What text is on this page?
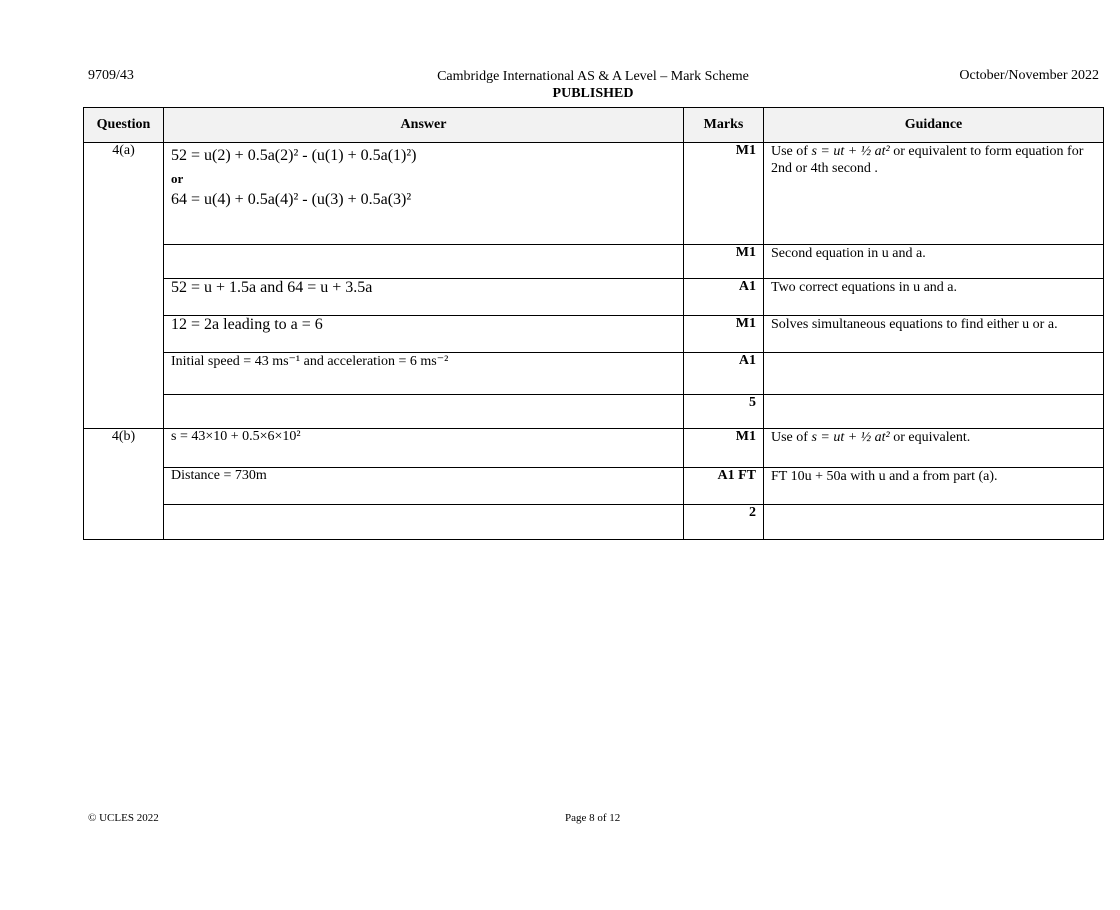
9709/43	Cambridge International AS & A Level – Mark Scheme
PUBLISHED
October/November 2022
Question	Answer	Marks	Guidance
4(a)	52 = u(2) + 0.5a(2)² - (u(1) + 0.5a(1)²)
or
64 = u(4) + 0.5a(4)² - (u(3) + 0.5a(3)²	M1	Use of s = ut + ½ at² or equivalent to form equation for 2nd or 4th second .
		M1	Second equation in u and a.
	52 = u + 1.5a and 64 = u + 3.5a	A1	Two correct equations in u and a.
	12 = 2a leading to a = 6	M1	Solves simultaneous equations to find either u or a.
	Initial speed = 43 ms⁻¹ and acceleration = 6 ms⁻²	A1	
		5	
4(b)	s = 43×10 + 0.5×6×10²	M1	Use of s = ut + ½ at² or equivalent.
	Distance = 730m	A1 FT	FT 10u + 50a with u and a from part (a).
		2	
© UCLES 2022	Page 8 of 12
